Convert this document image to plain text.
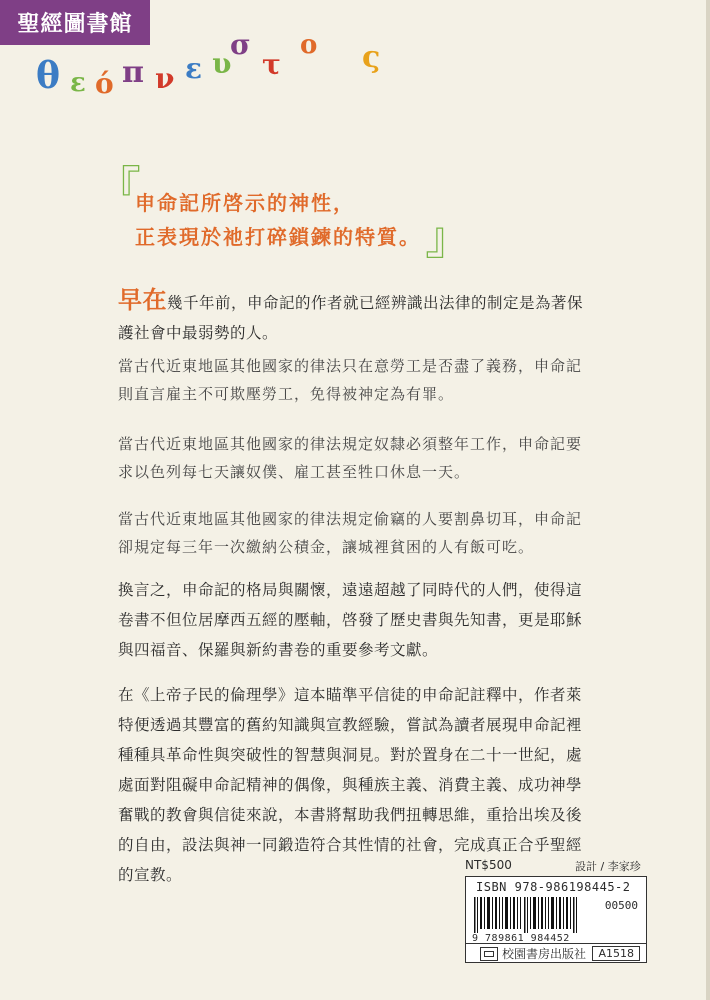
聖經圖書館
θ ε ό π ν ε υ
σ
τ
ο ς
『
申命記所啓示的神性，
正表現於祂打碎鎖鍊的特質。 』
早在幾千年前，申命記的作者就已經辨識出法律的制定是為著保護社會中最弱勢的人。
當古代近東地區其他國家的律法只在意勞工是否盡了義務，申命記則直言雇主不可欺壓勞工，免得被神定為有罪。
當古代近東地區其他國家的律法規定奴隸必須整年工作，申命記要求以色列每七天讓奴僕、雇工甚至牲口休息一天。
當古代近東地區其他國家的律法規定偷竊的人要割鼻切耳，申命記卻規定每三年一次繳納公積金，讓城裡貧困的人有飯可吃。
換言之，申命記的格局與關懷，遠遠超越了同時代的人們，使得這卷書不但位居摩西五經的壓軸，啓發了歷史書與先知書，更是耶穌與四福音、保羅與新約書卷的重要參考文獻。
在《上帝子民的倫理學》這本瞄準平信徒的申命記註釋中，作者萊特便透過其豐富的舊約知識與宣教經驗，嘗試為讀者展現申命記裡種種具革命性與突破性的智慧與洞見。對於置身在二十一世紀，處處面對阻礙申命記精神的偶像，與種族主義、消費主義、成功神學奮戰的教會與信徒來說，本書將幫助我們扭轉思維，重拾出埃及後的自由，設法與神一同鍛造符合其性情的社會，完成真正合乎聖經的宣教。
NT$500	設計 / 李家珍
ISBN 978-986198445-2
00500
9 789861 984452
校園書房出版社	A1518
